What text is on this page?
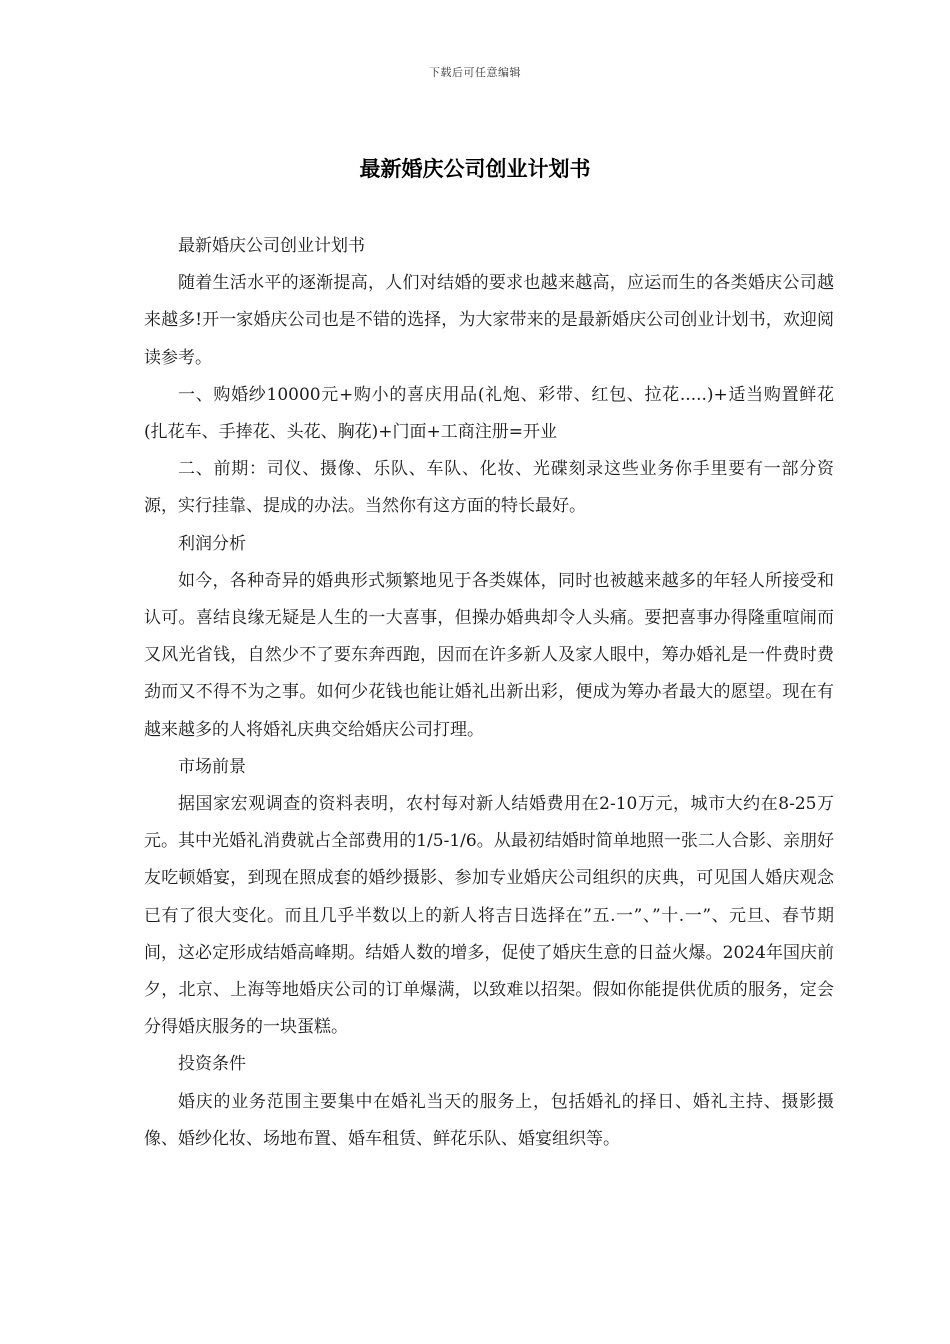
下载后可任意编辑
最新婚庆公司创业计划书

最新婚庆公司创业计划书

随着生活水平的逐渐提高，人们对结婚的要求也越来越高，应运而生的各类婚庆公司越来越多!开一家婚庆公司也是不错的选择，为大家带来的是最新婚庆公司创业计划书，欢迎阅读参考。

一、购婚纱10000元+购小的喜庆用品(礼炮、彩带、红包、拉花.....)+适当购置鲜花(扎花车、手捧花、头花、胸花)+门面+工商注册=开业

二、前期：司仪、摄像、乐队、车队、化妆、光碟刻录这些业务你手里要有一部分资源，实行挂靠、提成的办法。当然你有这方面的特长最好。

利润分析

如今，各种奇异的婚典形式频繁地见于各类媒体，同时也被越来越多的年轻人所接受和认可。喜结良缘无疑是人生的一大喜事，但操办婚典却令人头痛。要把喜事办得隆重喧闹而又风光省钱，自然少不了要东奔西跑，因而在许多新人及家人眼中，筹办婚礼是一件费时费劲而又不得不为之事。如何少花钱也能让婚礼出新出彩，便成为筹办者最大的愿望。现在有越来越多的人将婚礼庆典交给婚庆公司打理。

市场前景

据国家宏观调查的资料表明，农村每对新人结婚费用在2-10万元，城市大约在8-25万元。其中光婚礼消费就占全部费用的1/5-1/6。从最初结婚时简单地照一张二人合影、亲朋好友吃顿婚宴，到现在照成套的婚纱摄影、参加专业婚庆公司组织的庆典，可见国人婚庆观念已有了很大变化。而且几乎半数以上的新人将吉日选择在”五.一”、”十.一”、元旦、春节期间，这必定形成结婚高峰期。结婚人数的增多，促使了婚庆生意的日益火爆。2024年国庆前夕，北京、上海等地婚庆公司的订单爆满，以致难以招架。假如你能提供优质的服务，定会分得婚庆服务的一块蛋糕。

投资条件

婚庆的业务范围主要集中在婚礼当天的服务上，包括婚礼的择日、婚礼主持、摄影摄像、婚纱化妆、场地布置、婚车租赁、鲜花乐队、婚宴组织等。
